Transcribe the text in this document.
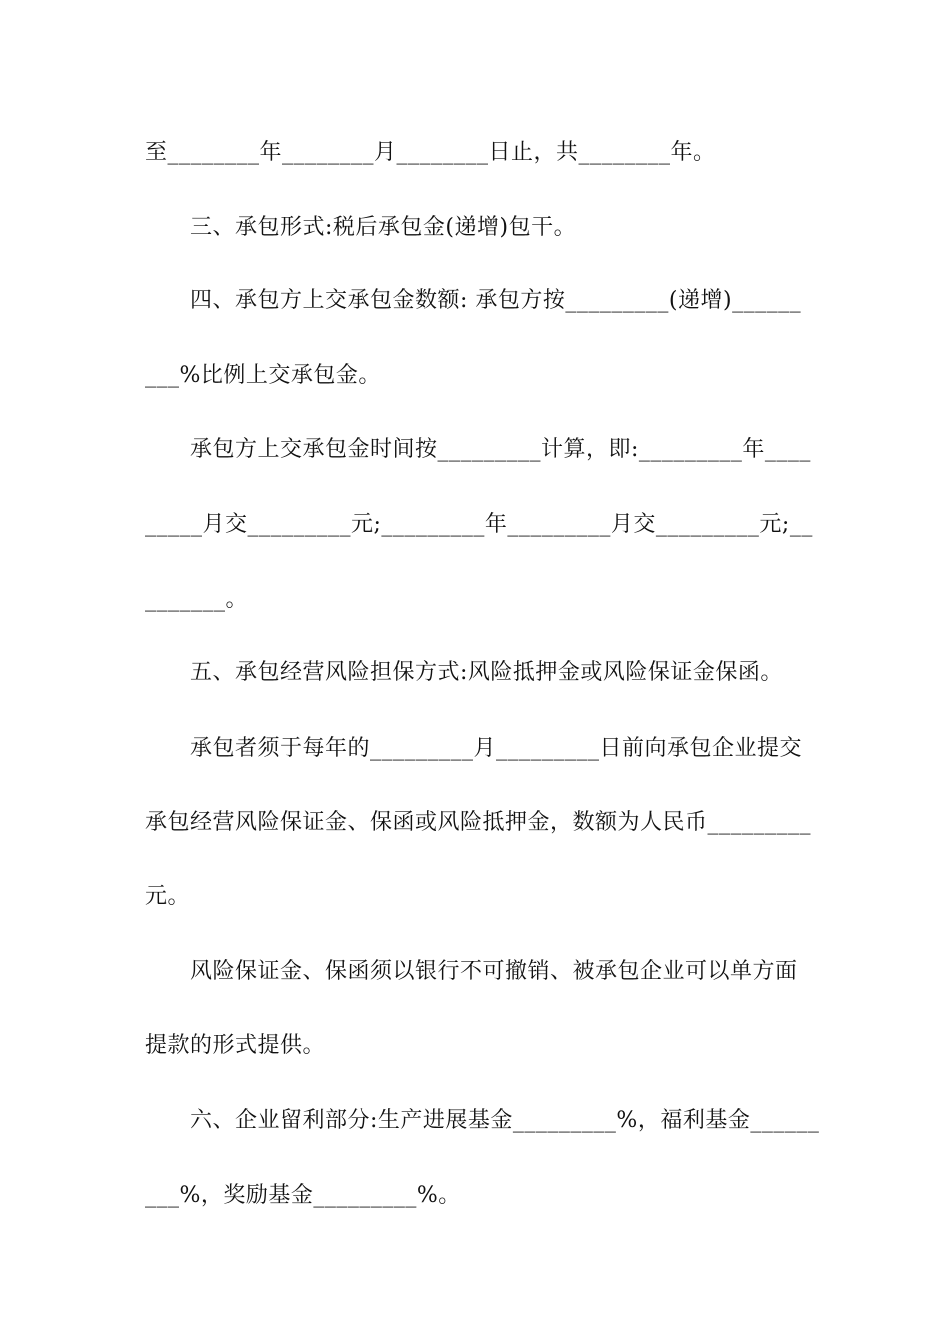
至________年________月________日止，共________年。
三、承包形式:税后承包金(递增)包干。
四、承包方上交承包金数额: 承包方按_________(递增)______
___%比例上交承包金。
承包方上交承包金时间按_________计算，即:_________年____
_____月交_________元;_________年_________月交_________元;__
_______。
五、承包经营风险担保方式:风险抵押金或风险保证金保函。
承包者须于每年的_________月_________日前向承包企业提交
承包经营风险保证金、保函或风险抵押金，数额为人民币_________
元。
风险保证金、保函须以银行不可撤销、被承包企业可以单方面
提款的形式提供。
六、企业留利部分:生产进展基金_________%，福利基金______
___%，奖励基金_________%。
